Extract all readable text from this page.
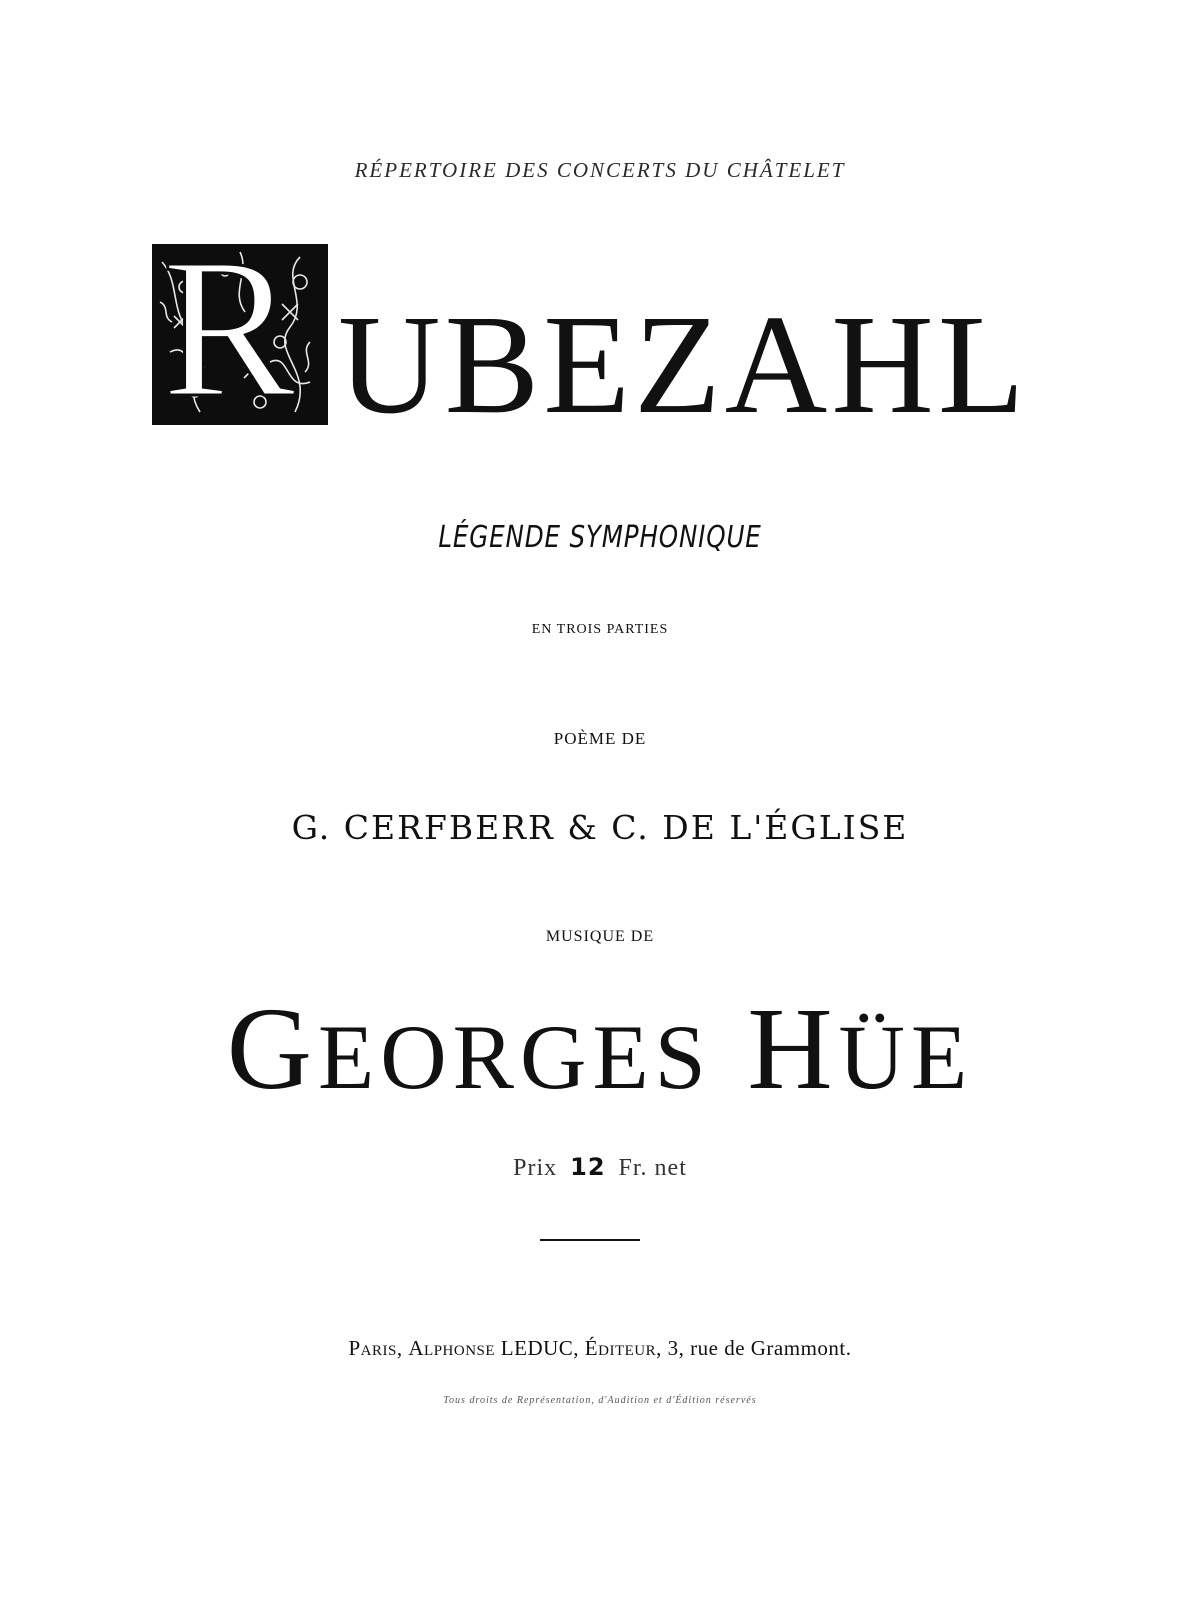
RÉPERTOIRE DES CONCERTS DU CHÂTELET
R UBEZAHL
LÉGENDE SYMPHONIQUE
EN TROIS PARTIES
POÈME DE
G. CERFBERR & C. DE L'ÉGLISE
MUSIQUE DE
GEORGES HÜE
Prix 12 Fr. net
Paris, Alphonse LEDUC, Éditeur, 3, rue de Grammont.
Tous droits de Représentation, d'Audition et d'Édition réservés
